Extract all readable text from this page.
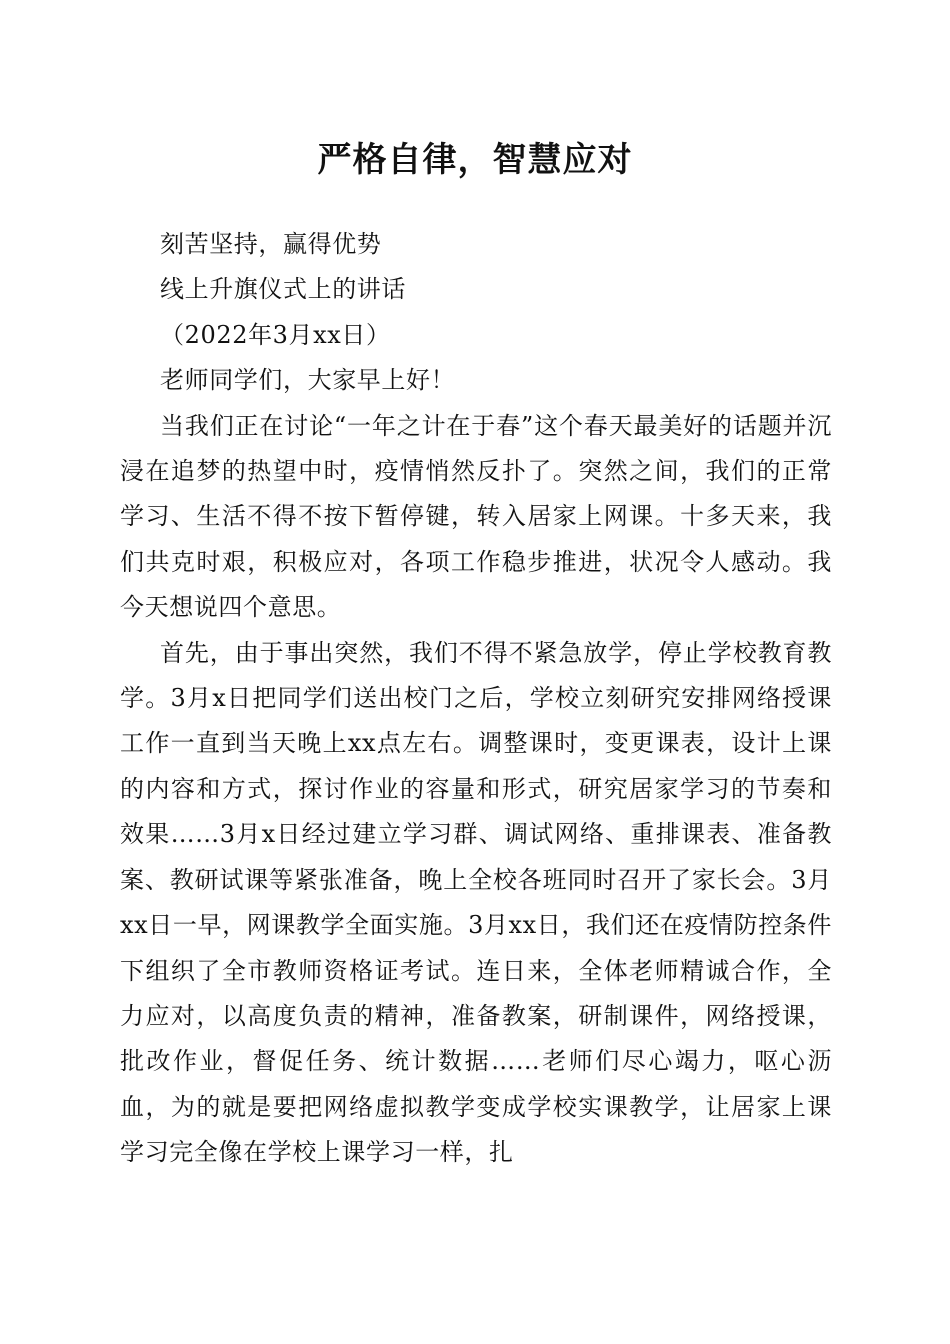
严格自律，智慧应对

刻苦坚持，赢得优势

线上升旗仪式上的讲话

（2022年3月xx日）

老师同学们，大家早上好！

当我们正在讨论“一年之计在于春”这个春天最美好的话题并沉浸在追梦的热望中时，疫情悄然反扑了。突然之间，我们的正常学习、生活不得不按下暂停键，转入居家上网课。十多天来，我们共克时艰，积极应对，各项工作稳步推进，状况令人感动。我今天想说四个意思。

首先，由于事出突然，我们不得不紧急放学，停止学校教育教学。3月x日把同学们送出校门之后，学校立刻研究安排网络授课工作一直到当天晚上xx点左右。调整课时，变更课表，设计上课的内容和方式，探讨作业的容量和形式，研究居家学习的节奏和效果……3月x日经过建立学习群、调试网络、重排课表、准备教案、教研试课等紧张准备，晚上全校各班同时召开了家长会。3月xx日一早，网课教学全面实施。3月xx日，我们还在疫情防控条件下组织了全市教师资格证考试。连日来，全体老师精诚合作，全力应对，以高度负责的精神，准备教案，研制课件，网络授课，批改作业，督促任务、统计数据……老师们尽心竭力，呕心沥血，为的就是要把网络虚拟教学变成学校实课教学，让居家上课学习完全像在学校上课学习一样，扎
